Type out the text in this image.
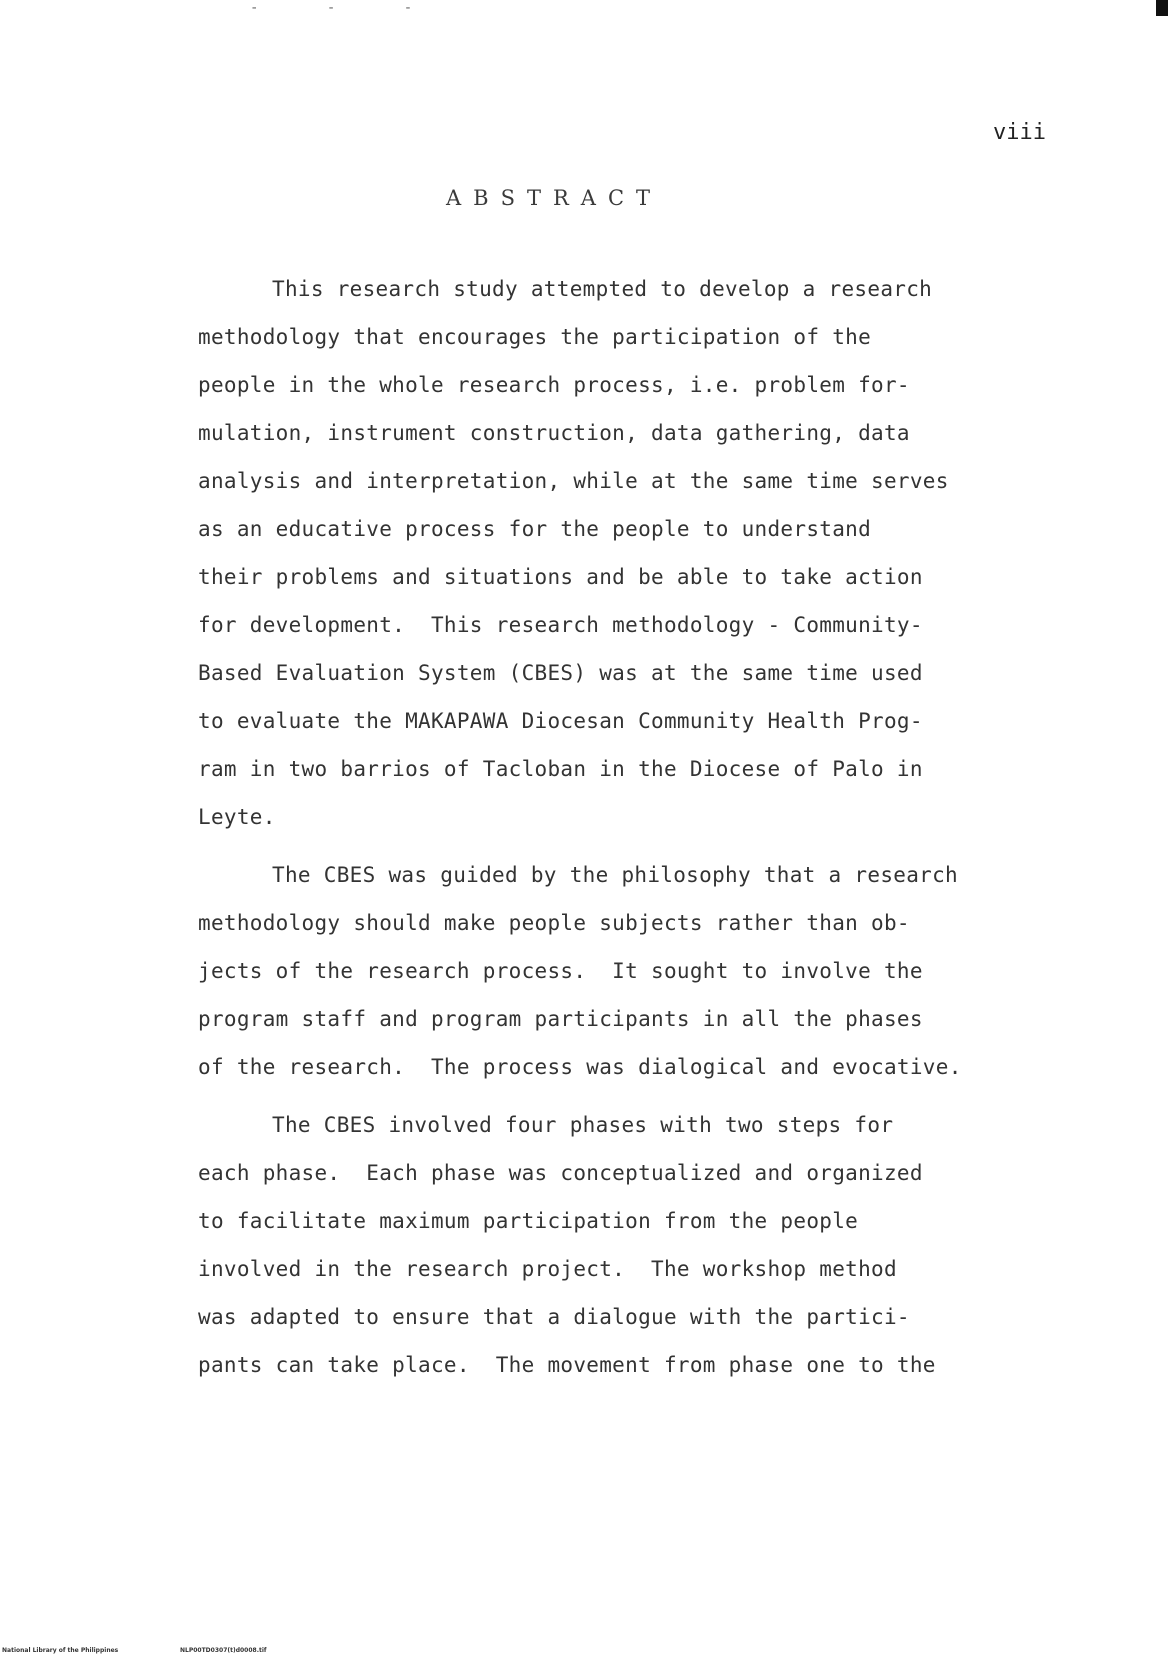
- - -
viii
ABSTRACT
This research study attempted to develop a research
methodology that encourages the participation of the
people in the whole research process, i.e. problem for-
mulation, instrument construction, data gathering, data
analysis and interpretation, while at the same time serves
as an educative process for the people to understand
their problems and situations and be able to take action
for development.  This research methodology - Community-
Based Evaluation System (CBES) was at the same time used
to evaluate the MAKAPAWA Diocesan Community Health Prog-
ram in two barrios of Tacloban in the Diocese of Palo in
Leyte.
The CBES was guided by the philosophy that a research
methodology should make people subjects rather than ob-
jects of the research process.  It sought to involve the
program staff and program participants in all the phases
of the research.  The process was dialogical and evocative.
The CBES involved four phases with two steps for
each phase.  Each phase was conceptualized and organized
to facilitate maximum participation from the people
involved in the research project.  The workshop method
was adapted to ensure that a dialogue with the partici-
pants can take place.  The movement from phase one to the
National Library of the Philippines	NLP00TD0307(t)d0008.tif
